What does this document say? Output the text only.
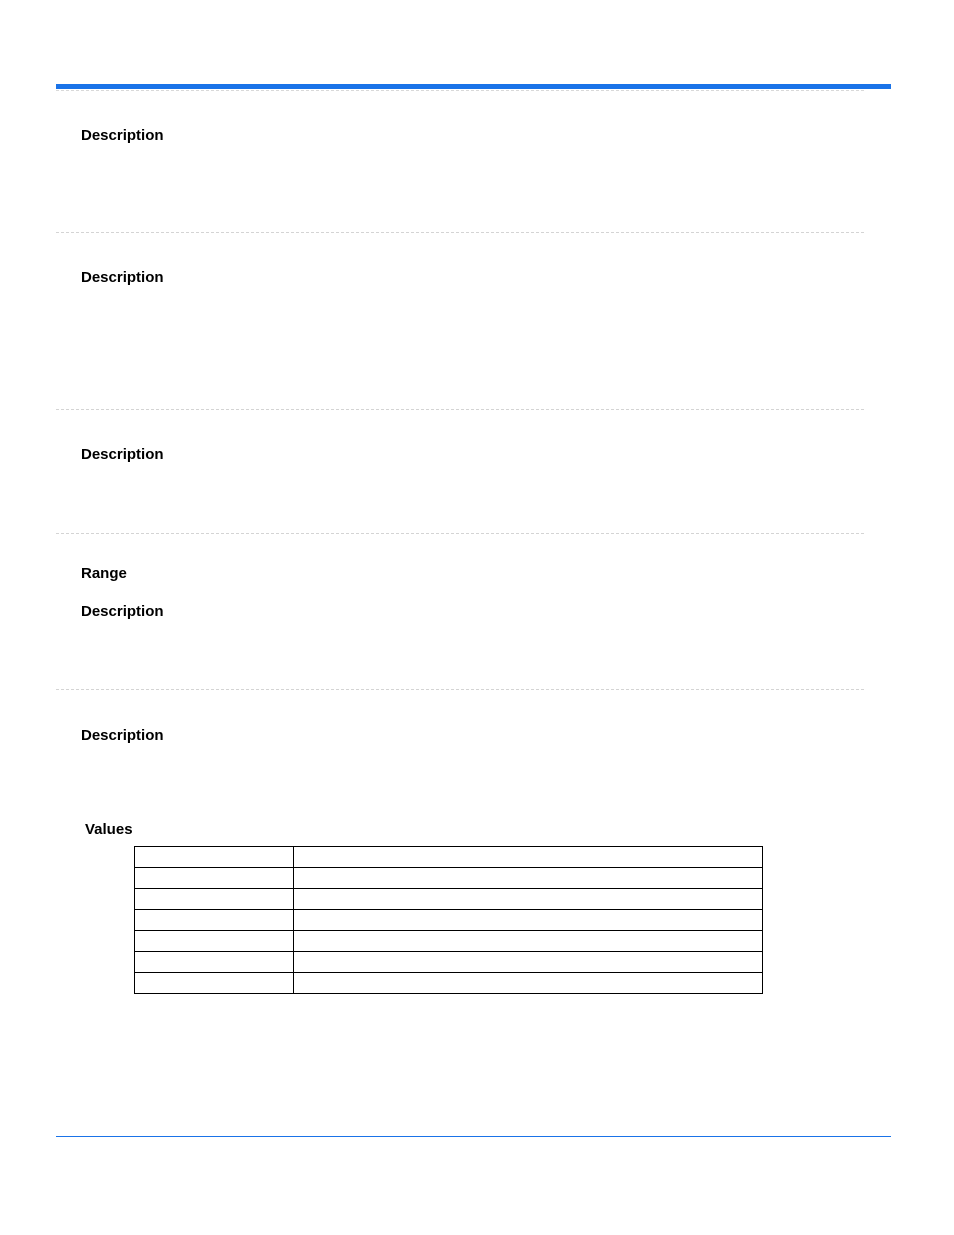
Description
Description
Description
Range
Description
Description
Values
